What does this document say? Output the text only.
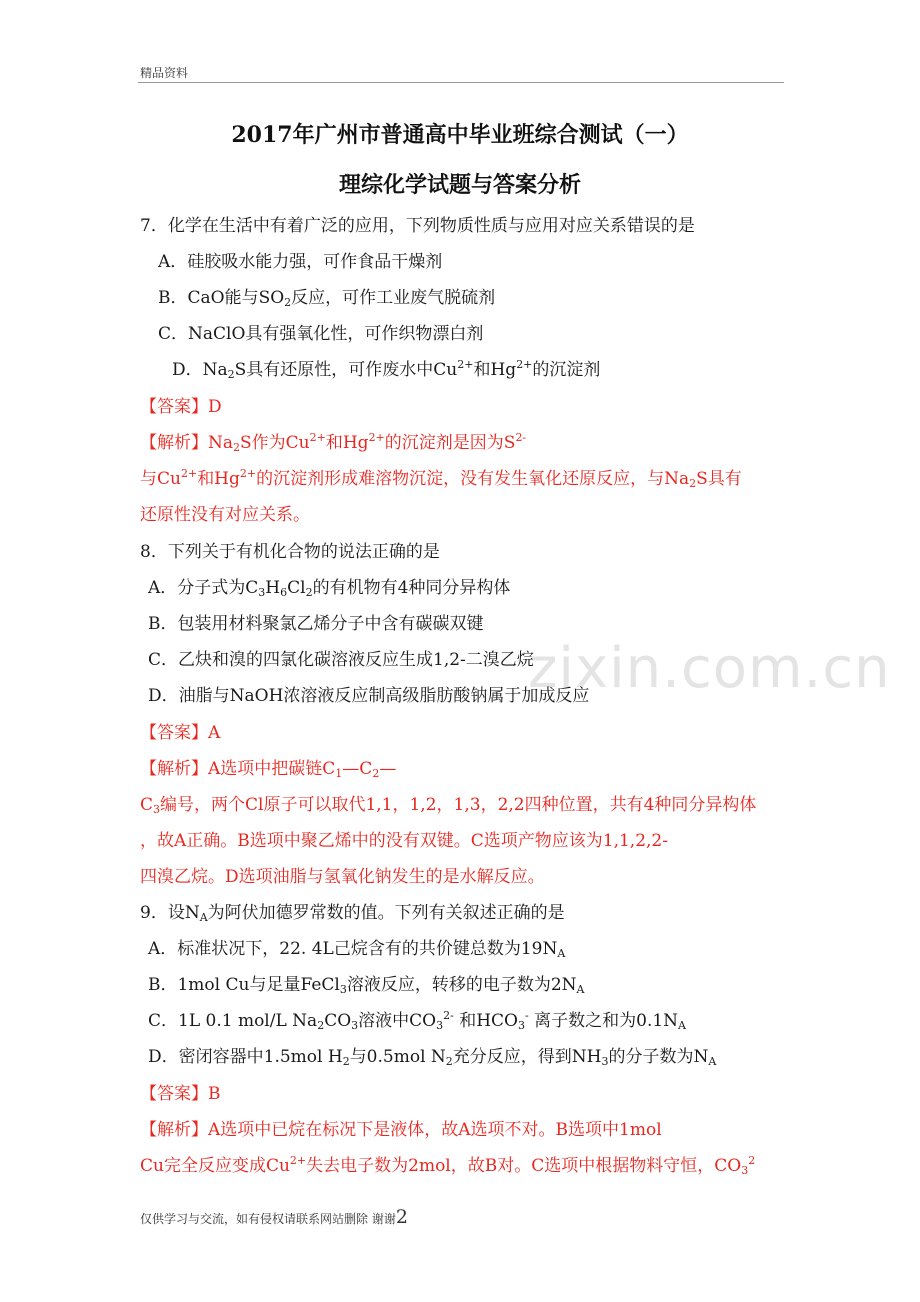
精品资料
2017年广州市普通高中毕业班综合测试（一）
理综化学试题与答案分析
zixin.com.cn
7．化学在生活中有着广泛的应用，下列物质性质与应用对应关系错误的是
A．硅胶吸水能力强，可作食品干燥剂
B．CaO能与$SO_2$反应，可作工业废气脱硫剂
C．NaClO具有强氧化性，可作织物漂白剂
D．$Na_2S$具有还原性，可作废水中$Cu^{2+}$和$Hg^{2+}$的沉淀剂
【答案】D
【解析】$Na_2S$作为$Cu^{2+}$和$Hg^{2+}$的沉淀剂是因为$S^{2-}$
与$Cu^{2+}$和$Hg^{2+}$的沉淀剂形成难溶物沉淀，没有发生氧化还原反应，与$Na_2S$具有
还原性没有对应关系。
8．下列关于有机化合物的说法正确的是
A．分子式为$C_3H_6Cl_2$的有机物有4种同分异构体
B．包装用材料聚氯乙烯分子中含有碳碳双键
C．乙炔和溴的四氯化碳溶液反应生成1,2-二溴乙烷
D．油脂与NaOH浓溶液反应制高级脂肪酸钠属于加成反应
【答案】A
【解析】A选项中把碳链$C_1—C_2—$
$C_3$编号，两个Cl原子可以取代1,1，1,2，1,3，2,2四种位置，共有4种同分异构体
，故A正确。B选项中聚乙烯中的没有双键。C选项产物应该为1,1,2,2-
四溴乙烷。D选项油脂与氢氧化钠发生的是水解反应。
9．设$N_A$为阿伏加德罗常数的值。下列有关叙述正确的是
A．标准状况下，22. 4L己烷含有的共价键总数为$19N_A$
B．1mol Cu与足量FeCl$_3$溶液反应，转移的电子数为$2N_A$
C．1L 0.1 mol/L $Na_2CO_3$溶液中$CO_3^{2-}$ 和$HCO_3^-$ 离子数之和为$0.1N_A$
D．密闭容器中1.5mol $H_2$与0.5mol $N_2$充分反应，得到$NH_3$的分子数为$N_A$
【答案】B
【解析】A选项中已烷在标况下是液体，故A选项不对。B选项中1mol
Cu完全反应变成$Cu^{2+}$失去电子数为2mol，故B对。C选项中根据物料守恒，$CO_3^2$
仅供学习与交流，如有侵权请联系网站删除 谢谢2
